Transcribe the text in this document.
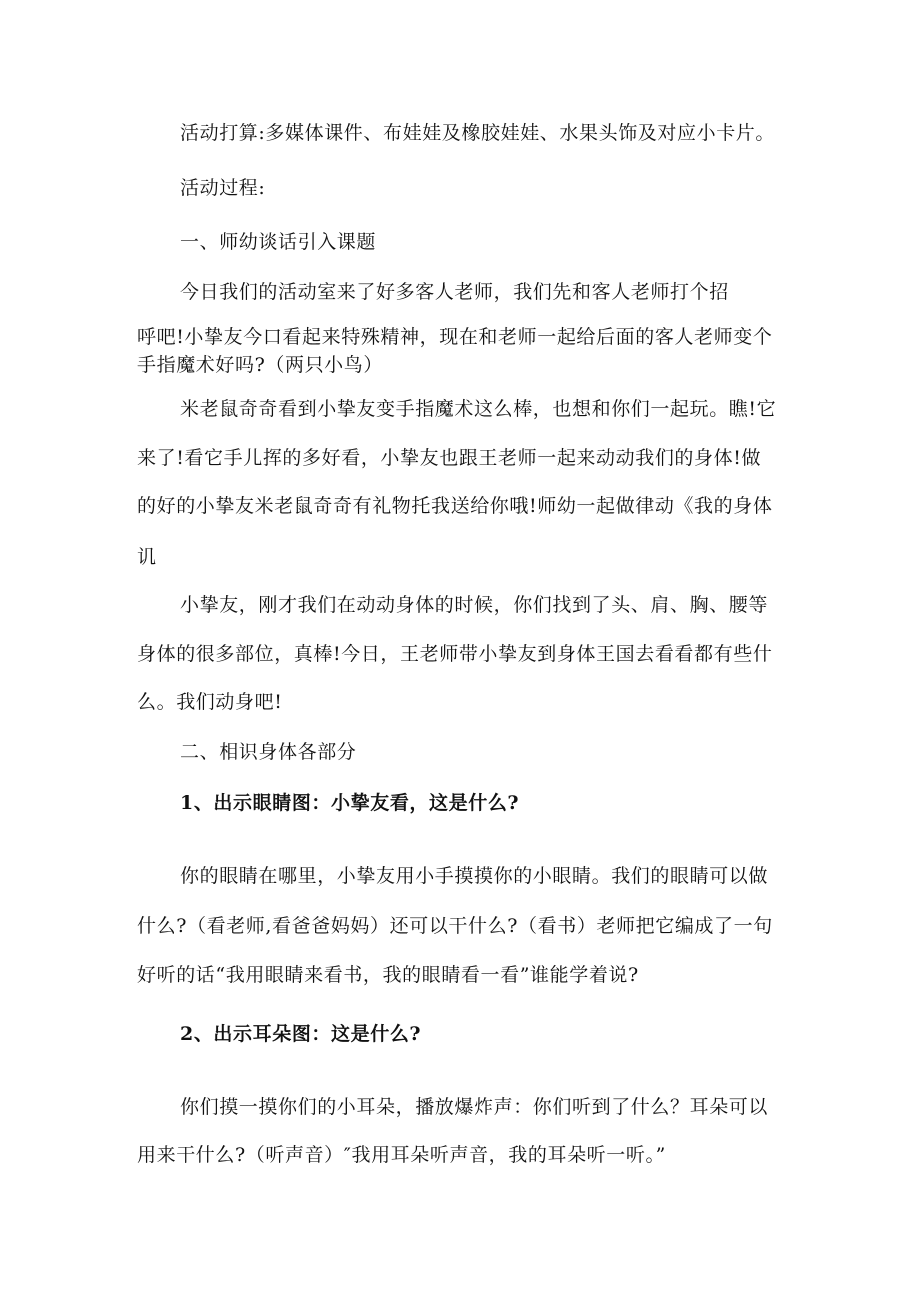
活动打算:多媒体课件、布娃娃及橡胶娃娃、水果头饰及对应小卡片。
活动过程:
一、师幼谈话引入课题
今日我们的活动室来了好多客人老师，我们先和客人老师打个招
呼吧!小挚友今口看起来特殊精神，现在和老师一起给后面的客人老师变个
手指魔术好吗?（两只小鸟）
米老鼠奇奇看到小挚友变手指魔术这么棒，也想和你们一起玩。瞧!它
来了!看它手儿挥的多好看，小挚友也跟王老师一起来动动我们的身体!做
的好的小挚友米老鼠奇奇有礼物托我送给你哦!师幼一起做律动《我的身体
讥
小挚友，刚才我们在动动身体的时候，你们找到了头、肩、胸、腰等
身体的很多部位，真棒!今日，王老师带小挚友到身体王国去看看都有些什
么。我们动身吧!
二、相识身体各部分
1、出示眼睛图：小挚友看，这是什么?
你的眼睛在哪里，小挚友用小手摸摸你的小眼睛。我们的眼睛可以做
什么?（看老师,看爸爸妈妈）还可以干什么?（看书）老师把它编成了一句
好听的话“我用眼睛来看书，我的眼睛看一看”谁能学着说?
2、出示耳朵图：这是什么?
你们摸一摸你们的小耳朵，播放爆炸声：你们听到了什么？耳朵可以
用来干什么?（听声音）″我用耳朵听声音，我的耳朵听一听。”
